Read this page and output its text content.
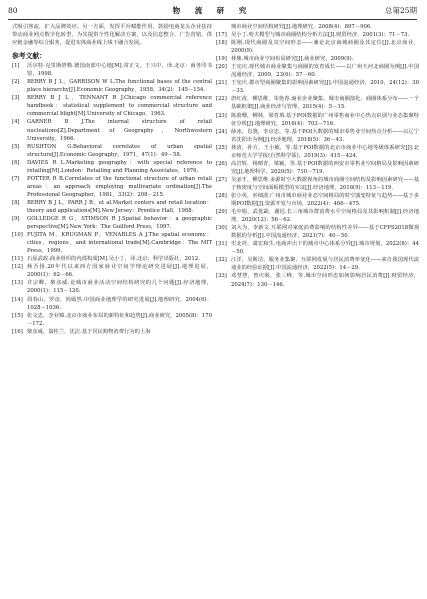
80	物 流 研 究	总第25期

式吸引客流，扩大品牌效应。另一方面，发挥平台赋能作用，鼓励电商龙头企业扶持带动商业网点数字化转型，为其提供个性化解决方案，以及信息整合、广告营销、供应链金融等综合服务，促进实体商业线上线下融合发展。

参考文献：
[1] 沃尔特·克里斯塔勒.德国南部中心地[M].常正文，王兴中，译.北京：商务印书馆，1998.
[2] BERRY B J L，GARRISON W L.The functional bases of the central place hierarchy[J].Economic Geography，1958，34(2)：145－154.
[3] BERRY B J L，TENNANT R J.Chicago commercial reference handbook：statistical supplement to commercial structure and commercial blight[M].University of Chicago，1963.
[4] GARNER B J.The internal structure of retail nucleations[Z].Department of Geography，Northwestern University，1966.
[5] RUSHTON G.Behavioral correlates of urban spatial structure[J].Economic Geography，1971，47(1)：49－58.
[6] DAVIES R L.Marketing geography：with special reference to retailing[M].London：Retailing and Planning Associates，1976.
[7] POTTER R B.Correlates of the functional structure of urban retail areas：an approach employing multivariate ordination[J].The Professional Geographer，1981，33(2)：208－215.
[8] BERRY B J L，PARR J B，et al.Market centers and retail location：theory and applications[M].New Jersey：Prentice Hall，1988.
[9] GOLLEDGE R G，STIMSON R J.Spatial behavior：a geographic perspective[M].New York：The Guilford Press，1997.
[10] FUJITA M，KRUGMAN P，VENABLES A J.The spatial economy：cities，regions，and international trade[M].Cambridge：The MIT Press，1999.
[11] 石原武政.商业组织的内部构成[M].吴小丁，译.北京：科学出版社，2012.
[12] 杨吾扬.20年代以来西方国家商业空间学理论研究进展[J].地理进展，2000(1)：62－66.
[13] 许宗卿，柴彦威.论城市商业活动空间结构研究的几个问题[J].经济地理，2000(1)：115－120.
[14] 周春山，罗彦，尚嫣然.中国商业地理学的研究进展[J].地理研究，2004(6)：1028－1036.
[15] 张文忠，李业锦.北京市商业布局的新特征和趋势[J].商业研究，2005(8)：170－172.
[16] 柴彦威，翁桂兰，沈洁.基于居民购物消费行为的上海
城市商业空间结构研究[J].地理研究，2008(4)：897－906.
[17] 吴小丁.哈夫模型与城市商圈结构分析方法[J].财贸经济，2001(3)：71－73.
[18] 陈刚.现代商圈及其空间形态——兼论北京商城商圈及其定位[J].北京商业，2000(9).
[19] 林鼎.城市商业空间布局研究[J].商业研究，2009(9).
[20] 王宪庆.现代城市商业聚集与商圈的发育成长——以广州天河北商圈为例[J].中国流通经济，2009，23(6)：57－60.
[21] 王宪庆.郡市型商圈聚集的影响因素研究[J].中国流通经济，2010，24(12)：30－33.
[22] 唐红涛，柳思维，朱艳春.商业企业聚集、城市商圈演化、商圈体系分布——一个基础框架[J].商业经济与管理，2015(4)：5－15.
[23] 陈蔚珊，柳林，梁育填.基于POI数据的广州零售商业中心热点识别与业态集聚特征分析[J].地理研究，2016(4)：703－716.
[24] 薛冰，肖骁，李京忠，等.基于POI大数据的城市零售业空间热点分析——以辽宁省沈阳市为例[J].经济地理，2018(5)：36－43.
[25] 林涛，孙方，王小敏，等.基于POI数据的北京市商业中心地等级体系研究[J].北京师范大学学报(自然科学版)，2019(3)：415－424.
[26] 高岩辉，杨晴青，梁颖，等.基于POI数据的西安市零售业空间格局及影响因素研究[J].地理科学，2020(5)：710－719.
[27] 吴宓才，柳思维.多源时空大数据视角的城市商圈空间结构及影响因素研究——基于核密度与空间面板模型的实证[J].经济地理，2018(9)：113－119.
[28] 张小英，巫细波.广州市城市商业业态空间格局的时空演变特征与趋势——基于多期POI数据[J].资源开发与市场，2022(4)：466－475.
[29] 毛中根，武优勐，谢迟.长三角城市群消费水平空间格局及其影响机制[J].经济地理，2020(12)：56－62.
[30] 刘大为，李新文.互联网对家庭消费影响的结构性差异——基于CFPS2018微观数据的分析[J].中国流通经济，2021(7)：40－50.
[31] 史北祥，虞宏和生.电商冲击下的城市中心体系分异[J].城市规划，2022(8)：44－50.
[32] 汪洋，吴斯洁，服务业集聚、互联网发展与居民消费率变化——来自我国现代流通业的经验证据[J].中国流通经济，2022(5)：14－29.
[33] 邓慧慧，曾庆阁，张三峰，等.城市空间形态如何影响居民消费[J].财贸经济，2024(7)：130－146.
